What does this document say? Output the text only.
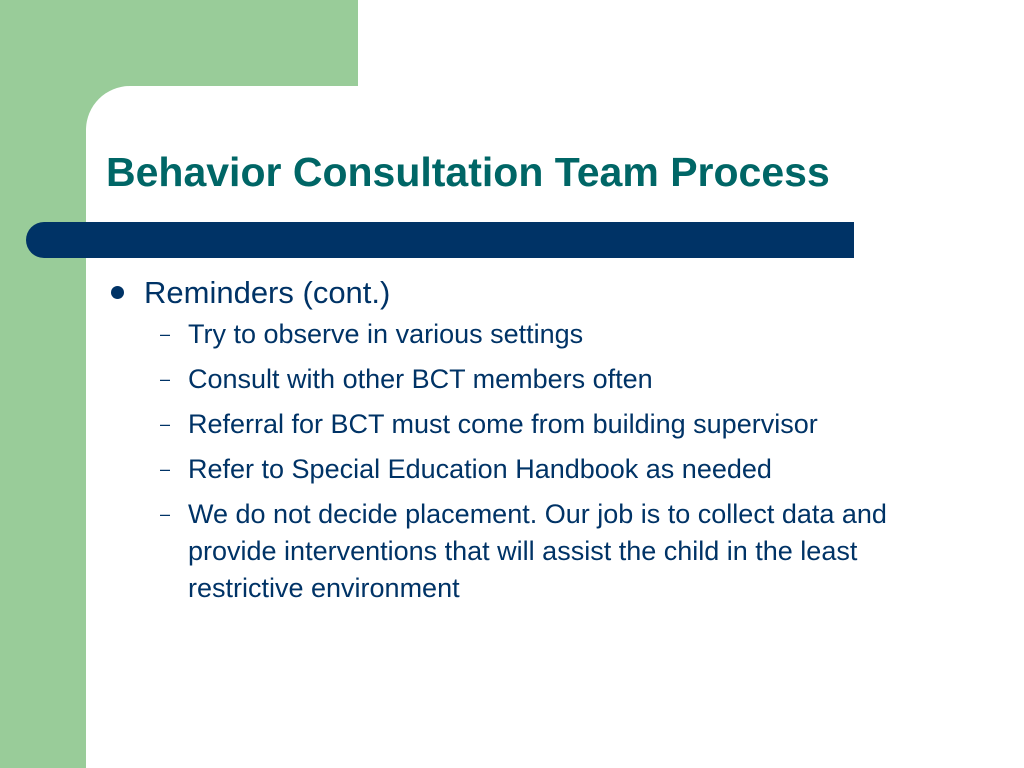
Behavior Consultation Team Process
Reminders (cont.)
– Try to observe in various settings
– Consult with other BCT members often
– Referral for BCT must come from building supervisor
– Refer to Special Education Handbook as needed
– We do not decide placement. Our job is to collect data and provide interventions that will assist the child in the least restrictive environment
